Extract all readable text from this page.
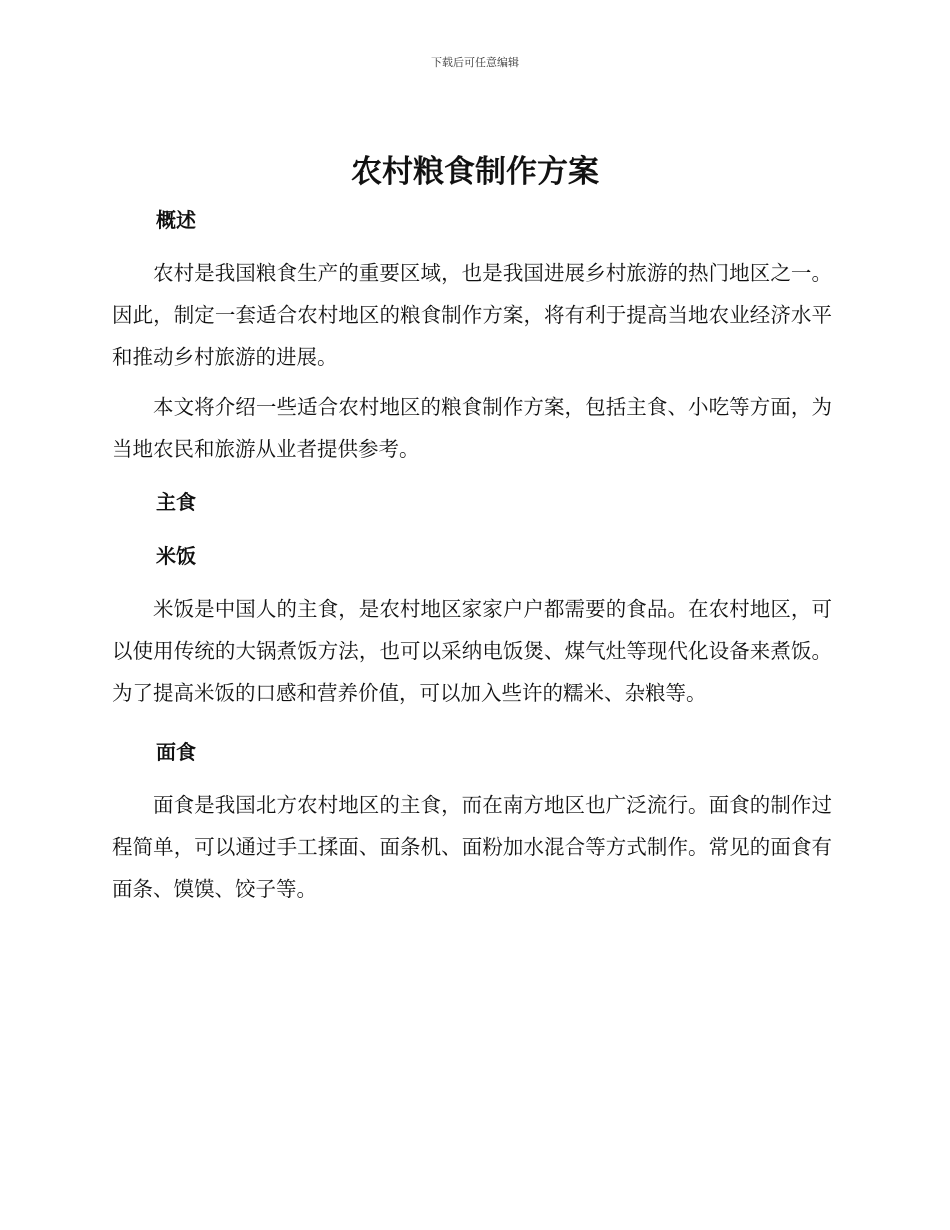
下载后可任意编辑
农村粮食制作方案
概述

农村是我国粮食生产的重要区域，也是我国进展乡村旅游的热门地区之一。因此，制定一套适合农村地区的粮食制作方案，将有利于提高当地农业经济水平和推动乡村旅游的进展。

本文将介绍一些适合农村地区的粮食制作方案，包括主食、小吃等方面，为当地农民和旅游从业者提供参考。

主食
米饭

米饭是中国人的主食，是农村地区家家户户都需要的食品。在农村地区，可以使用传统的大锅煮饭方法，也可以采纳电饭煲、煤气灶等现代化设备来煮饭。为了提高米饭的口感和营养价值，可以加入些许的糯米、杂粮等。

面食

面食是我国北方农村地区的主食，而在南方地区也广泛流行。面食的制作过程简单，可以通过手工揉面、面条机、面粉加水混合等方式制作。常见的面食有面条、馍馍、饺子等。
